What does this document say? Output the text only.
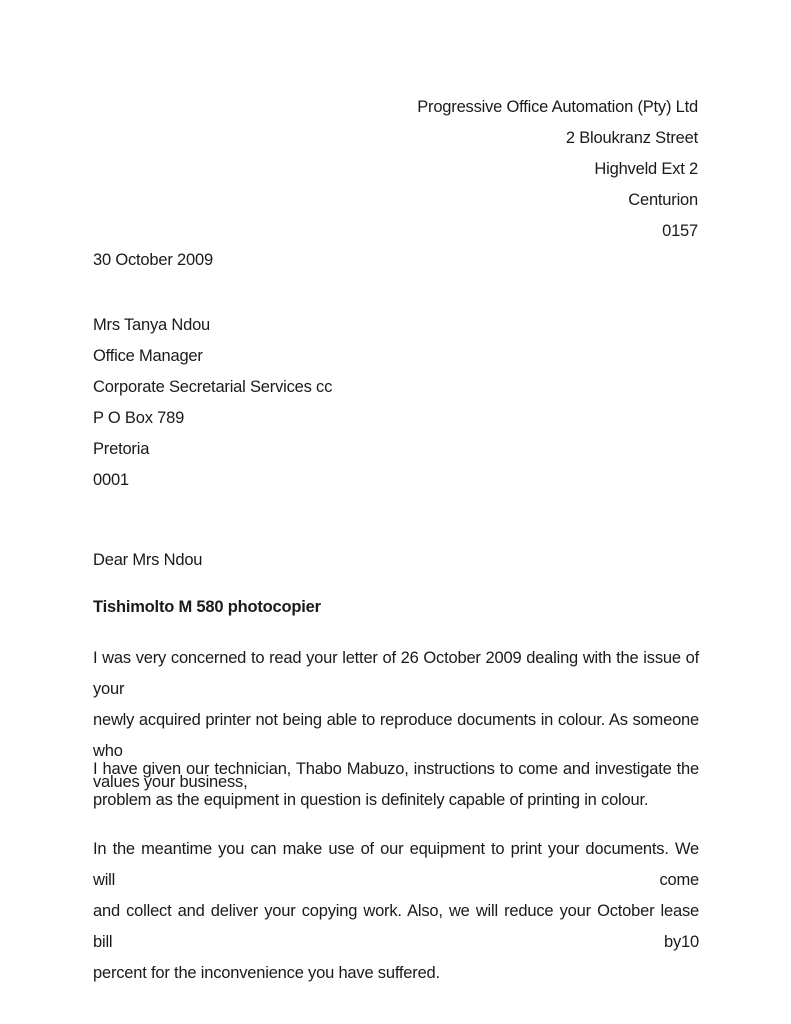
Progressive Office Automation (Pty) Ltd
2 Bloukranz Street
Highveld Ext 2
Centurion
0157
30 October 2009
Mrs Tanya Ndou
Office Manager
Corporate Secretarial Services cc
P O Box 789
Pretoria
0001
Dear Mrs Ndou
Tishimolto M 580 photocopier
I was very concerned to read your letter of 26 October 2009 dealing with the issue of your
newly acquired printer not being able to reproduce documents in colour. As someone who
values your business,
I have given our technician, Thabo Mabuzo, instructions to come and investigate the
problem as the equipment in question is definitely capable of printing in colour.
In the meantime you can make use of our equipment to print your documents. We will come
and collect and deliver your copying work. Also, we will reduce your October lease bill by10
percent for the inconvenience you have suffered.
